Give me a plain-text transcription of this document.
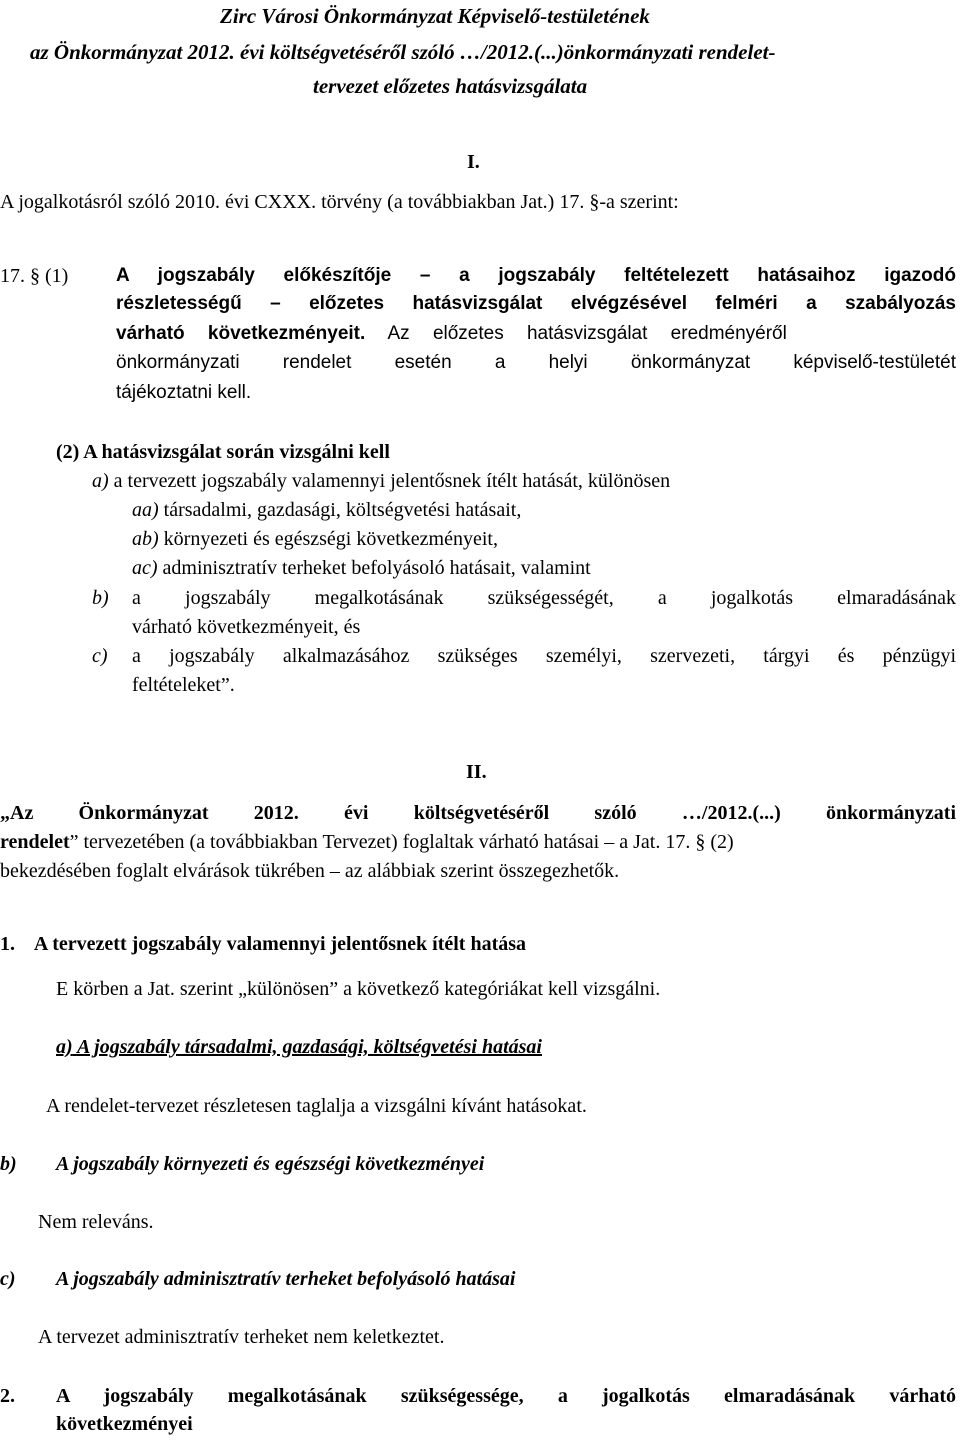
Zirc Városi Önkormányzat Képviselő-testületének
az Önkormányzat 2012. évi költségvetéséről szóló …/2012.(...)önkormányzati rendelet-
tervezet előzetes hatásvizsgálata
I.
A jogalkotásról szóló 2010. évi CXXX. törvény (a továbbiakban Jat.) 17. §-a szerint:
17. § (1)	A jogszabály előkészítője – a jogszabály feltételezett hatásaihoz igazodó
részletességű – előzetes hatásvizsgálat elvégzésével felméri a szabályozás
várható következményeit. Az előzetes hatásvizsgálat eredményéről
önkormányzati rendelet esetén a helyi önkormányzat képviselő-testületét
tájékoztatni kell.
(2) A hatásvizsgálat során vizsgálni kell
a) a tervezett jogszabály valamennyi jelentősnek ítélt hatását, különösen
aa) társadalmi, gazdasági, költségvetési hatásait,
ab) környezeti és egészségi következményeit,
ac) adminisztratív terheket befolyásoló hatásait, valamint
b) a jogszabály megalkotásának szükségességét, a jogalkotás elmaradásának
várható következményeit, és
c) a jogszabály alkalmazásához szükséges személyi, szervezeti, tárgyi és pénzügyi
feltételeket”.
II.
„Az Önkormányzat 2012. évi költségvetéséről szóló …/2012.(...) önkormányzati
rendelet” tervezetében (a továbbiakban Tervezet) foglaltak várható hatásai – a Jat. 17. § (2)
bekezdésében foglalt elvárások tükrében – az alábbiak szerint összegezhetők.
1.    A tervezett jogszabály valamennyi jelentősnek ítélt hatása
E körben a Jat. szerint „különösen” a következő kategóriákat kell vizsgálni.
a) A jogszabály társadalmi, gazdasági, költségvetési hatásai
A rendelet-tervezet részletesen taglalja a vizsgálni kívánt hatásokat.
b) A jogszabály környezeti és egészségi következményei
Nem releváns.
c) A jogszabály adminisztratív terheket befolyásoló hatásai
A tervezet adminisztratív terheket nem keletkeztet.
2. A jogszabály megalkotásának szükségessége, a jogalkotás elmaradásának várható
következményei
